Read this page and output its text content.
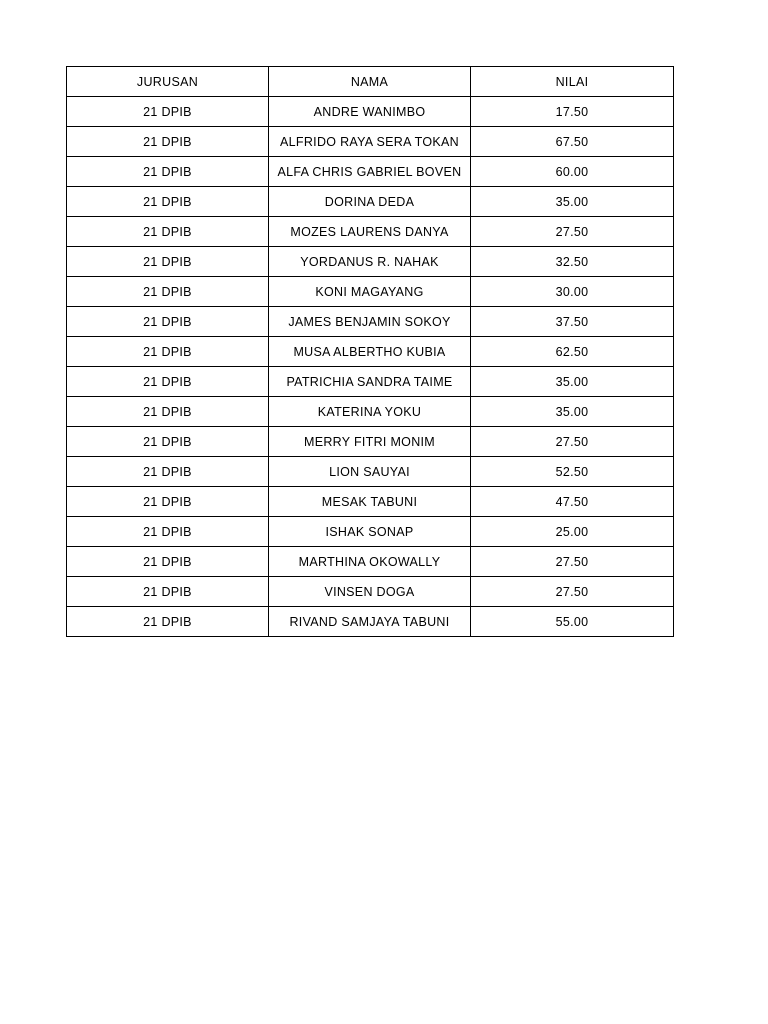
JURUSAN	NAMA	NILAI
21 DPIB	ANDRE WANIMBO	17.50
21 DPIB	ALFRIDO RAYA SERA TOKAN	67.50
21 DPIB	ALFA CHRIS GABRIEL BOVEN	60.00
21 DPIB	DORINA DEDA	35.00
21 DPIB	MOZES LAURENS DANYA	27.50
21 DPIB	YORDANUS R. NAHAK	32.50
21 DPIB	KONI MAGAYANG	30.00
21 DPIB	JAMES BENJAMIN SOKOY	37.50
21 DPIB	MUSA ALBERTHO KUBIA	62.50
21 DPIB	PATRICHIA SANDRA TAIME	35.00
21 DPIB	KATERINA YOKU	35.00
21 DPIB	MERRY FITRI MONIM	27.50
21 DPIB	LION SAUYAI	52.50
21 DPIB	MESAK TABUNI	47.50
21 DPIB	ISHAK SONAP	25.00
21 DPIB	MARTHINA OKOWALLY	27.50
21 DPIB	VINSEN DOGA	27.50
21 DPIB	RIVAND SAMJAYA TABUNI	55.00
